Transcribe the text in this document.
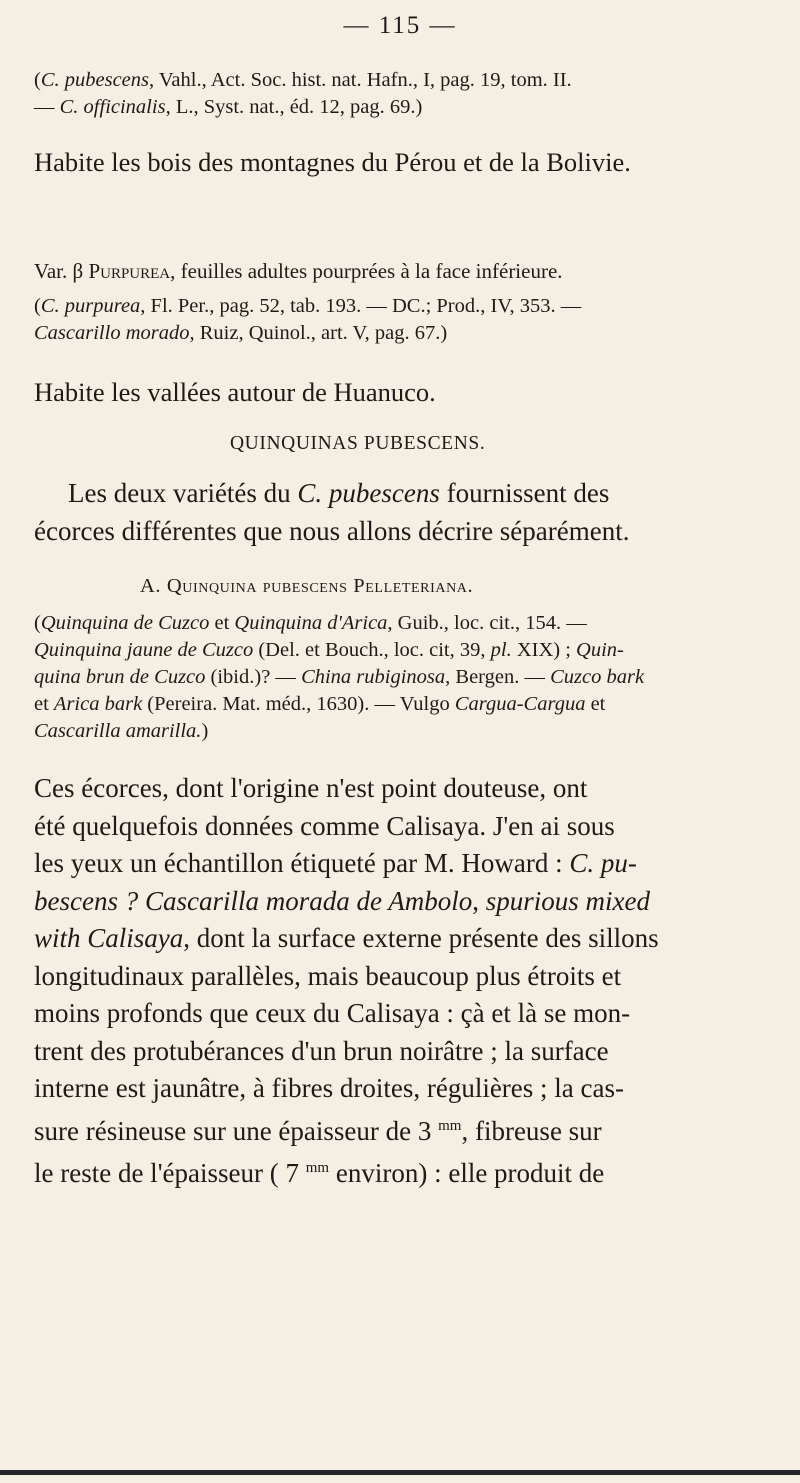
— 115 —
(C. pubescens, Vahl., Act. Soc. hist. nat. Hafn., I, pag. 19, tom. II.
— C. officinalis, L., Syst. nat., éd. 12, pag. 69.)
Habite les bois des montagnes du Pérou et de la Bolivie.
Var. β Purpurea, feuilles adultes pourprées à la face inférieure.
(C. purpurea, Fl. Per., pag. 52, tab. 193. — DC.; Prod., IV, 353. —
Cascarillo morado, Ruiz, Quinol., art. V, pag. 67.)
Habite les vallées autour de Huanuco.
QUINQUINAS PUBESCENS.
Les deux variétés du C. pubescens fournissent des
écorces différentes que nous allons décrire séparément.
A. Quinquina pubescens Pelleteriana.
(Quinquina de Cuzco et Quinquina d'Arica, Guib., loc. cit., 154. —
Quinquina jaune de Cuzco (Del. et Bouch., loc. cit, 39, pl. XIX) ; Quin-
quina brun de Cuzco (ibid.)? — China rubiginosa, Bergen. — Cuzco bark
et Arica bark (Pereira. Mat. méd., 1630). — Vulgo Cargua-Cargua et
Cascarilla amarilla.)
Ces écorces, dont l'origine n'est point douteuse, ont
été quelquefois données comme Calisaya. J'en ai sous
les yeux un échantillon étiqueté par M. Howard : C. pu-
bescens ? Cascarilla morada de Ambolo, spurious mixed
with Calisaya, dont la surface externe présente des sillons
longitudinaux parallèles, mais beaucoup plus étroits et
moins profonds que ceux du Calisaya : çà et là se mon-
trent des protubérances d'un brun noirâtre ; la surface
interne est jaunâtre, à fibres droites, régulières ; la cas-
sure résineuse sur une épaisseur de 3 $^{mm}$, fibreuse sur
le reste de l'épaisseur ( 7 $^{mm}$ environ) : elle produit de
